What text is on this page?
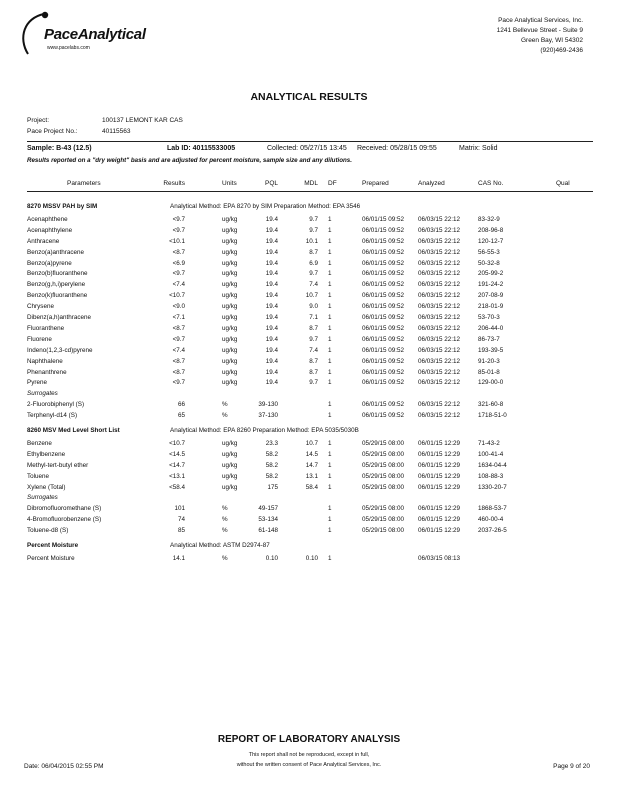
PaceAnalytical
www.pacelabs.com
Pace Analytical Services, Inc.
1241 Bellevue Street - Suite 9
Green Bay, WI 54302
(920)469-2436
ANALYTICAL RESULTS
Project:	100137 LEMONT KAR CAS
Pace Project No.:	40115563
Sample: B-43 (12.5)	Lab ID: 40115533005	Collected: 05/27/15 13:45 Received: 05/28/15 09:55	Matrix: Solid
Results reported on a "dry weight" basis and are adjusted for percent moisture, sample size and any dilutions.
Parameters	Results	Units	PQL	MDL DF	Prepared	Analyzed	CAS No.	Qual
8270 MSSV PAH by SIM	Analytical Method: EPA 8270 by SIM Preparation Method: EPA 3546
Acenaphthene	<9.7	ug/kg	19.4	9.7 1	06/01/15 09:52 06/03/15 22:12	83-32-9
Acenaphthylene	<9.7	ug/kg	19.4	9.7 1	06/01/15 09:52 06/03/15 22:12	208-96-8
Anthracene	<10.1	ug/kg	19.4	10.1 1	06/01/15 09:52 06/03/15 22:12	120-12-7
Benzo(a)anthracene	<8.7	ug/kg	19.4	8.7 1	06/01/15 09:52 06/03/15 22:12	56-55-3
Benzo(a)pyrene	<6.9	ug/kg	19.4	6.9 1	06/01/15 09:52 06/03/15 22:12	50-32-8
Benzo(b)fluoranthene	<9.7	ug/kg	19.4	9.7 1	06/01/15 09:52 06/03/15 22:12	205-99-2
Benzo(g,h,i)perylene	<7.4	ug/kg	19.4	7.4 1	06/01/15 09:52 06/03/15 22:12	191-24-2
Benzo(k)fluoranthene	<10.7	ug/kg	19.4	10.7 1	06/01/15 09:52 06/03/15 22:12	207-08-9
Chrysene	<9.0	ug/kg	19.4	9.0 1	06/01/15 09:52 06/03/15 22:12	218-01-9
Dibenz(a,h)anthracene	<7.1	ug/kg	19.4	7.1 1	06/01/15 09:52 06/03/15 22:12	53-70-3
Fluoranthene	<8.7	ug/kg	19.4	8.7 1	06/01/15 09:52 06/03/15 22:12	206-44-0
Fluorene	<9.7	ug/kg	19.4	9.7 1	06/01/15 09:52 06/03/15 22:12	86-73-7
Indeno(1,2,3-cd)pyrene	<7.4	ug/kg	19.4	7.4 1	06/01/15 09:52 06/03/15 22:12	193-39-5
Naphthalene	<8.7	ug/kg	19.4	8.7 1	06/01/15 09:52 06/03/15 22:12	91-20-3
Phenanthrene	<8.7	ug/kg	19.4	8.7 1	06/01/15 09:52 06/03/15 22:12	85-01-8
Pyrene	<9.7	ug/kg	19.4	9.7 1	06/01/15 09:52 06/03/15 22:12	129-00-0
Surrogates
2-Fluorobiphenyl (S)	66	%	39-130	1	06/01/15 09:52 06/03/15 22:12	321-60-8
Terphenyl-d14 (S)	65	%	37-130	1	06/01/15 09:52 06/03/15 22:12	1718-51-0
8260 MSV Med Level Short List	Analytical Method: EPA 8260 Preparation Method: EPA 5035/5030B
Benzene	<10.7	ug/kg	23.3	10.7 1	05/29/15 08:00 06/01/15 12:29	71-43-2
Ethylbenzene	<14.5	ug/kg	58.2	14.5 1	05/29/15 08:00 06/01/15 12:29	100-41-4
Methyl-tert-butyl ether	<14.7	ug/kg	58.2	14.7 1	05/29/15 08:00 06/01/15 12:29	1634-04-4
Toluene	<13.1	ug/kg	58.2	13.1 1	05/29/15 08:00 06/01/15 12:29	108-88-3
Xylene (Total)	<58.4	ug/kg	175	58.4 1	05/29/15 08:00 06/01/15 12:29	1330-20-7
Surrogates
Dibromofluoromethane (S)	101	%	49-157	1	05/29/15 08:00 06/01/15 12:29	1868-53-7
4-Bromofluorobenzene (S)	74	%	53-134	1	05/29/15 08:00 06/01/15 12:29	460-00-4
Toluene-d8 (S)	85	%	61-148	1	05/29/15 08:00 06/01/15 12:29	2037-26-5
Percent Moisture	Analytical Method: ASTM D2974-87
Percent Moisture	14.1	%	0.10	0.10 1	06/03/15 08:13
REPORT OF LABORATORY ANALYSIS
This report shall not be reproduced, except in full,
without the written consent of Pace Analytical Services, Inc.
Date: 06/04/2015 02:55 PM	Page 9 of 20
